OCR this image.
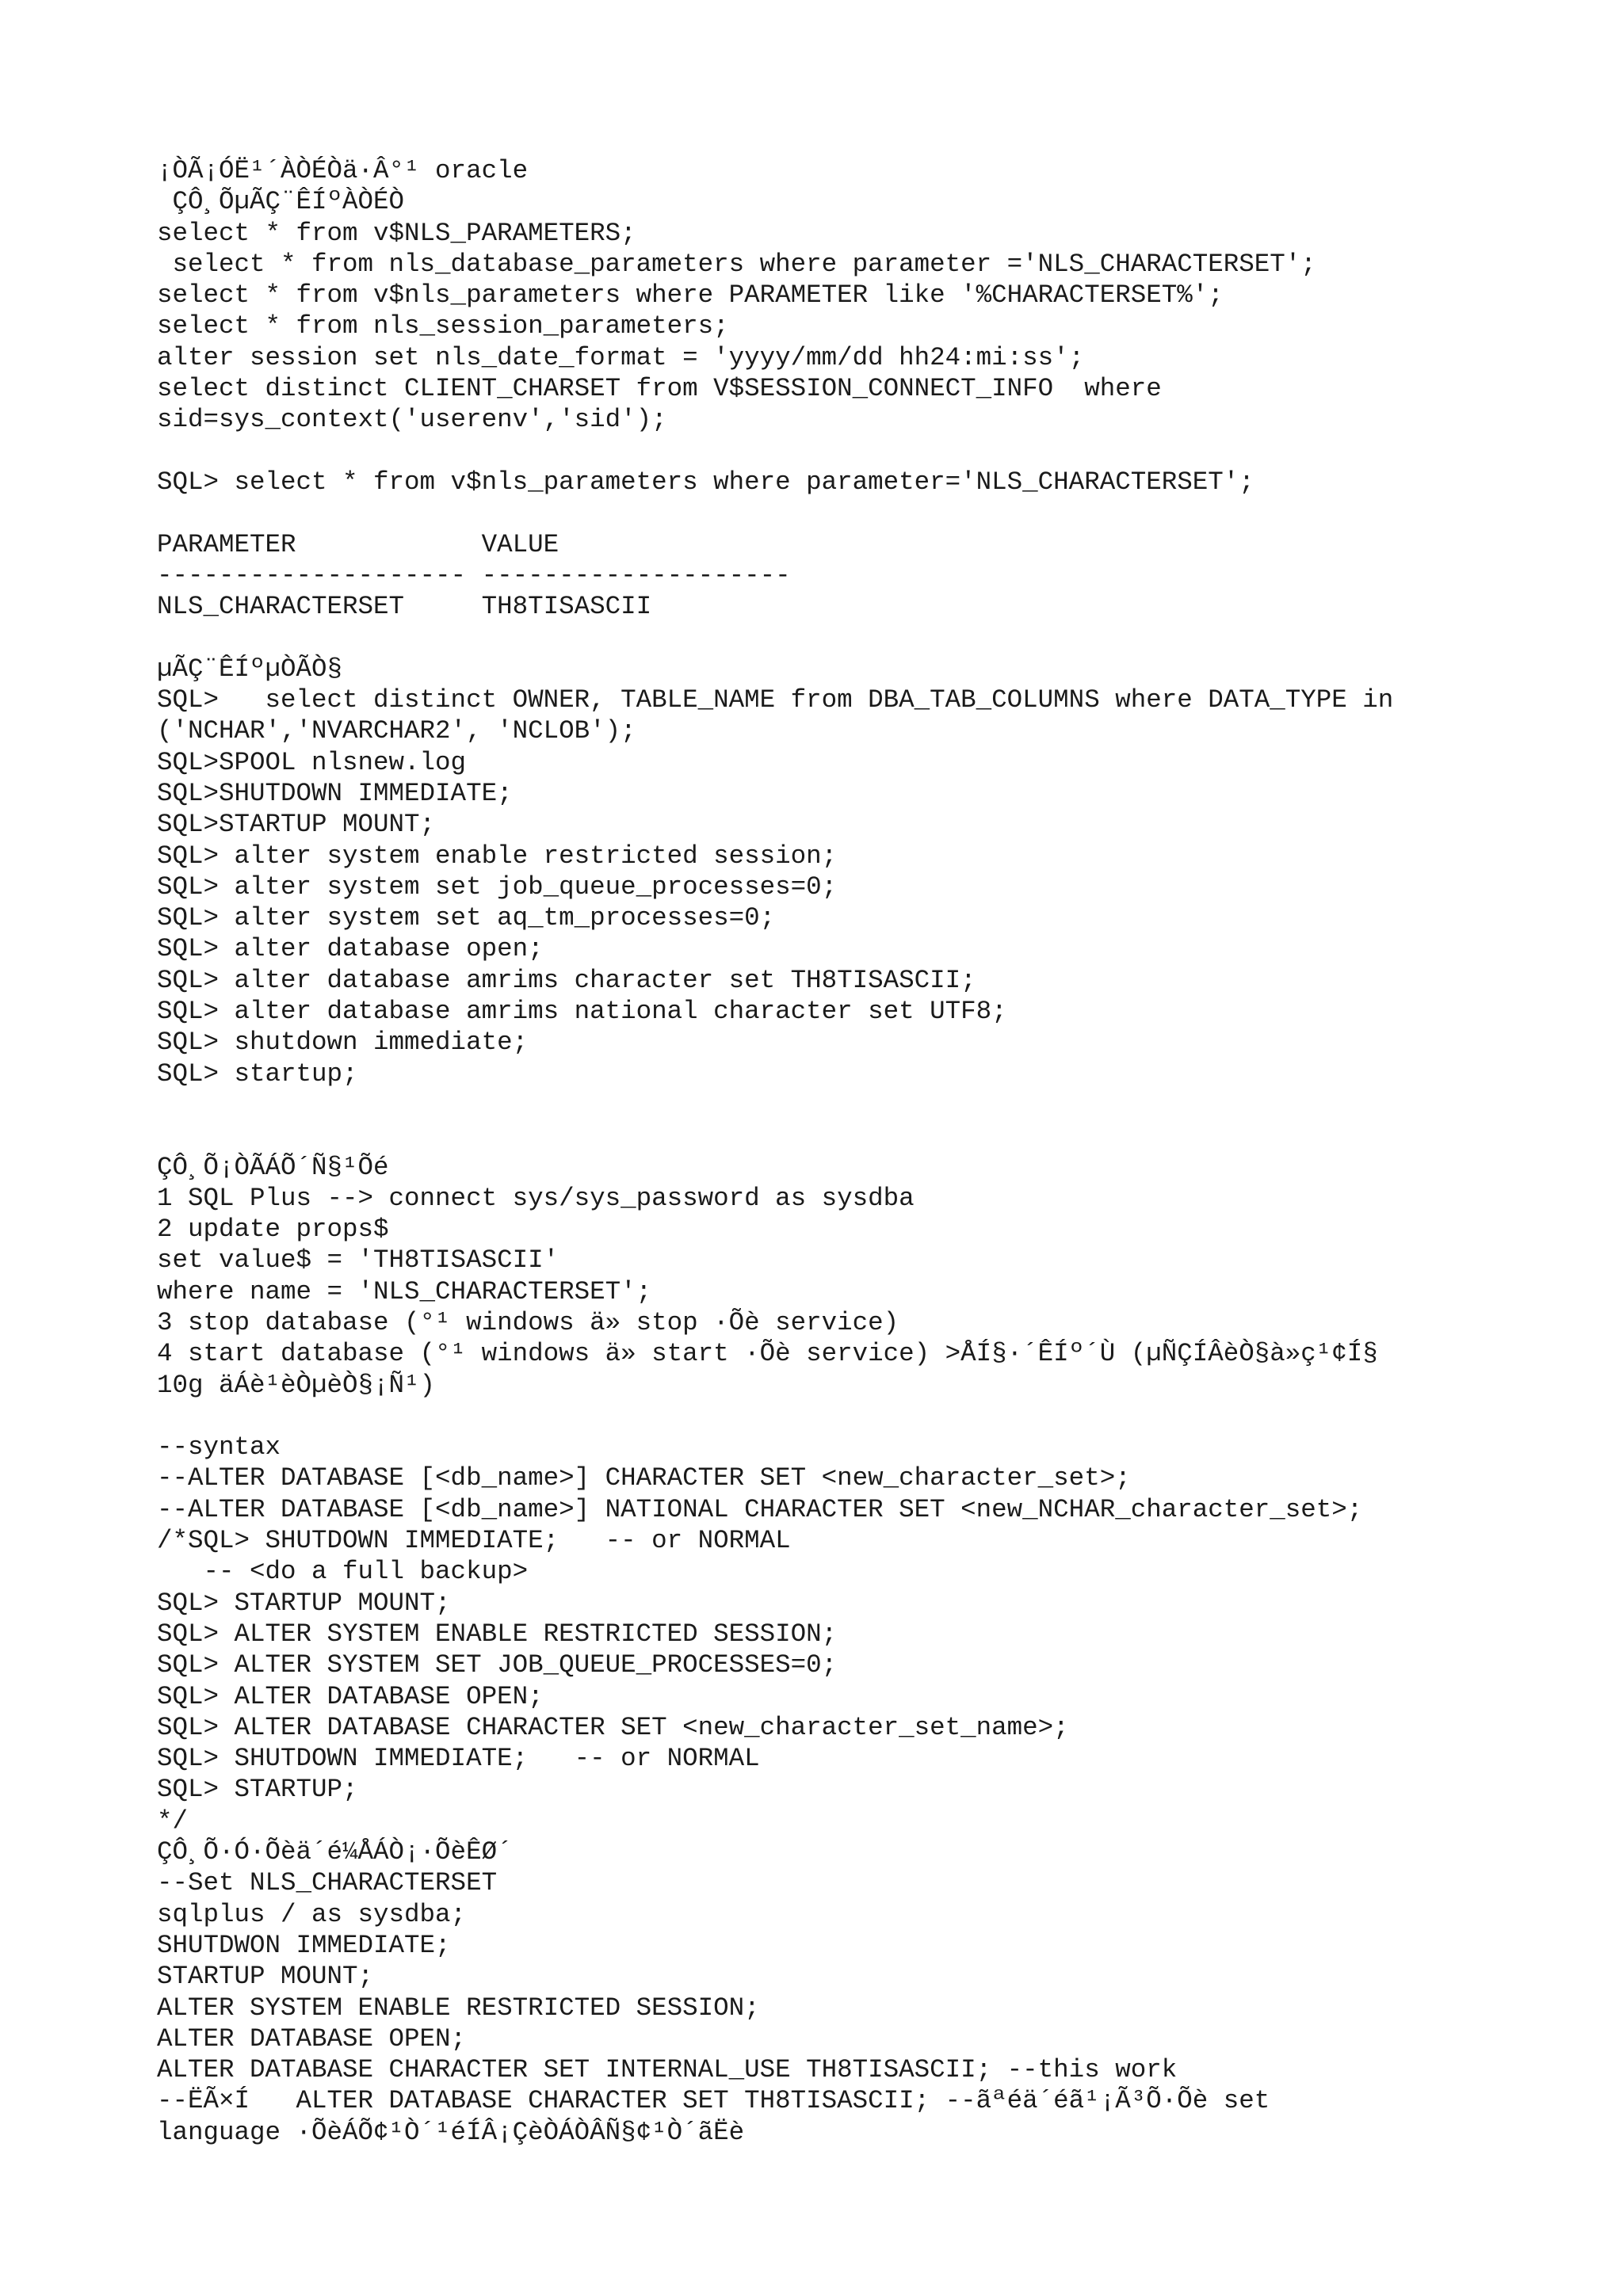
¡ÒÃ¡ÓË¹´ÀÒÉÒä·Â°¹ oracle
ÇÔ¸ÕµÃÇ¨ÊÍºÀÒÉÒ
select * from v$NLS_PARAMETERS;
select * from nls_database_parameters where parameter ='NLS_CHARACTERSET';
select * from v$nls_parameters where PARAMETER like '%CHARACTERSET%';
select * from nls_session_parameters;
alter session set nls_date_format = 'yyyy/mm/dd hh24:mi:ss';
select distinct CLIENT_CHARSET from V$SESSION_CONNECT_INFO  where
sid=sys_context('userenv','sid');
SQL> select * from v$nls_parameters where parameter='NLS_CHARACTERSET';
PARAMETER            VALUE
-------------------- --------------------
NLS_CHARACTERSET     TH8TISASCII
µÃÇ¨ÊÍºµÒÃÒ§
SQL>   select distinct OWNER, TABLE_NAME from DBA_TAB_COLUMNS where DATA_TYPE in
('NCHAR','NVARCHAR2', 'NCLOB');
SQL>SPOOL nlsnew.log
SQL>SHUTDOWN IMMEDIATE;
SQL>STARTUP MOUNT;
SQL> alter system enable restricted session;
SQL> alter system set job_queue_processes=0;
SQL> alter system set aq_tm_processes=0;
SQL> alter database open;
SQL> alter database amrims character set TH8TISASCII;
SQL> alter database amrims national character set UTF8;
SQL> shutdown immediate;
SQL> startup;
ÇÔ¸Õ¡ÒÃÁÕ´Ñ§¹Õé
1 SQL Plus --> connect sys/sys_password as sysdba
2 update props$
set value$ = 'TH8TISASCII'
where name = 'NLS_CHARACTERSET';
3 stop database (°¹ windows ä» stop ·Õè service)
4 start database (°¹ windows ä» start ·Õè service) >ÅÍ§·´ÊÍº´Ù (µÑÇÍÂèÒ§à»ç¹¢Í§
10g äÁè¹èÒµèÒ§¡Ñ¹)
--syntax
--ALTER DATABASE [<db_name>] CHARACTER SET <new_character_set>;
--ALTER DATABASE [<db_name>] NATIONAL CHARACTER SET <new_NCHAR_character_set>;
/*SQL> SHUTDOWN IMMEDIATE;   -- or NORMAL
-- <do a full backup>
SQL> STARTUP MOUNT;
SQL> ALTER SYSTEM ENABLE RESTRICTED SESSION;
SQL> ALTER SYSTEM SET JOB_QUEUE_PROCESSES=0;
SQL> ALTER DATABASE OPEN;
SQL> ALTER DATABASE CHARACTER SET <new_character_set_name>;
SQL> SHUTDOWN IMMEDIATE;   -- or NORMAL
SQL> STARTUP;
*/
ÇÔ¸Õ·Ó·Õèä´é¼ÅÁÒ¡·ÕèÊØ´
--Set NLS_CHARACTERSET
sqlplus / as sysdba;
SHUTDWON IMMEDIATE;
STARTUP MOUNT;
ALTER SYSTEM ENABLE RESTRICTED SESSION;
ALTER DATABASE OPEN;
ALTER DATABASE CHARACTER SET INTERNAL_USE TH8TISASCII; --this work
--ËÃ×Í   ALTER DATABASE CHARACTER SET TH8TISASCII; --ãªéä´éã¹¡Ã³Õ·Õè set
language ·ÕèÁÕ¢¹Ò´¹éÍÂ¡ÇèÒÁÒÂÑ§¢¹Ò´ãËè
